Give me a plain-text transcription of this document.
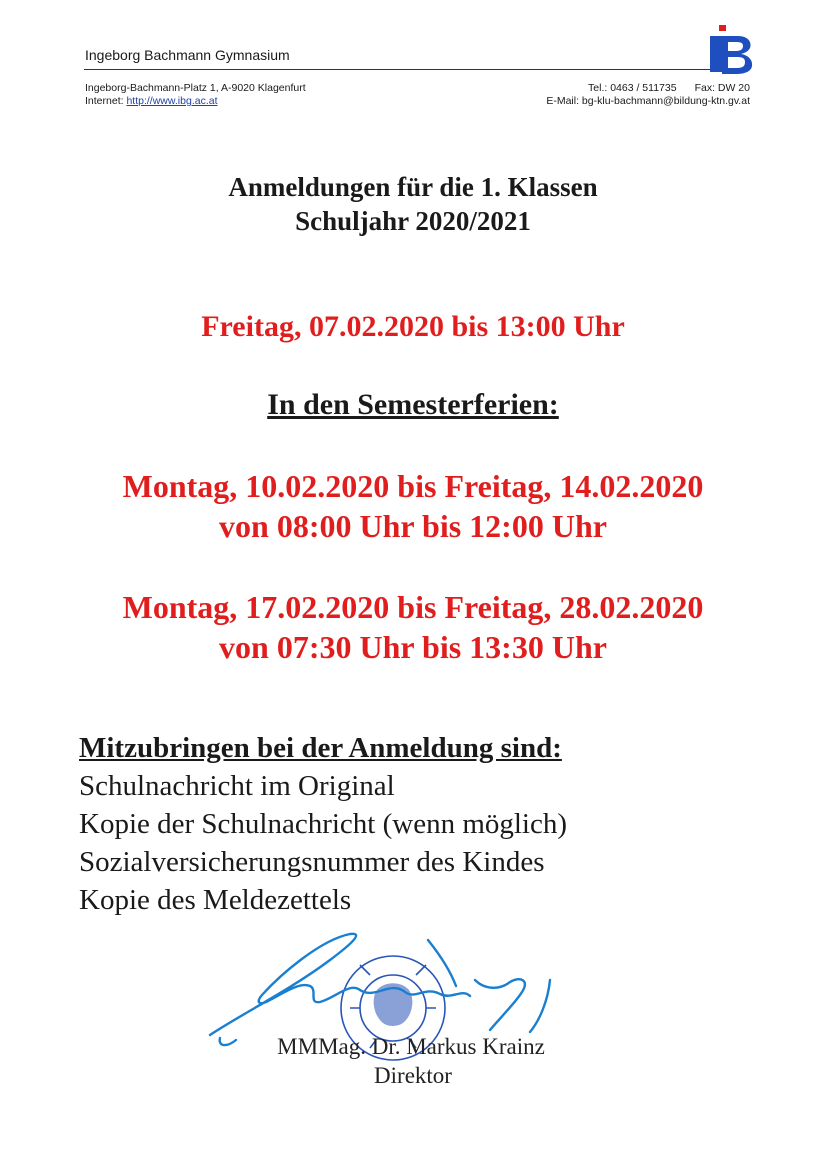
Ingeborg Bachmann Gymnasium
Ingeborg-Bachmann-Platz 1, A-9020 Klagenfurt
Internet: http://www.ibg.ac.at
Tel.: 0463 / 511735 Fax: DW 20
E-Mail: bg-klu-bachmann@bildung-ktn.gv.at
Anmeldungen für die 1. Klassen
Schuljahr 2020/2021
Freitag, 07.02.2020 bis 13:00 Uhr
In den Semesterferien:
Montag, 10.02.2020 bis Freitag, 14.02.2020
von 08:00 Uhr bis 12:00 Uhr
Montag, 17.02.2020 bis Freitag, 28.02.2020
von 07:30 Uhr bis 13:30 Uhr
Mitzubringen bei der Anmeldung sind:
Schulnachricht im Original
Kopie der Schulnachricht (wenn möglich)
Sozialversicherungsnummer des Kindes
Kopie des Meldezettels
MMMag. Dr. Markus Krainz
Direktor
